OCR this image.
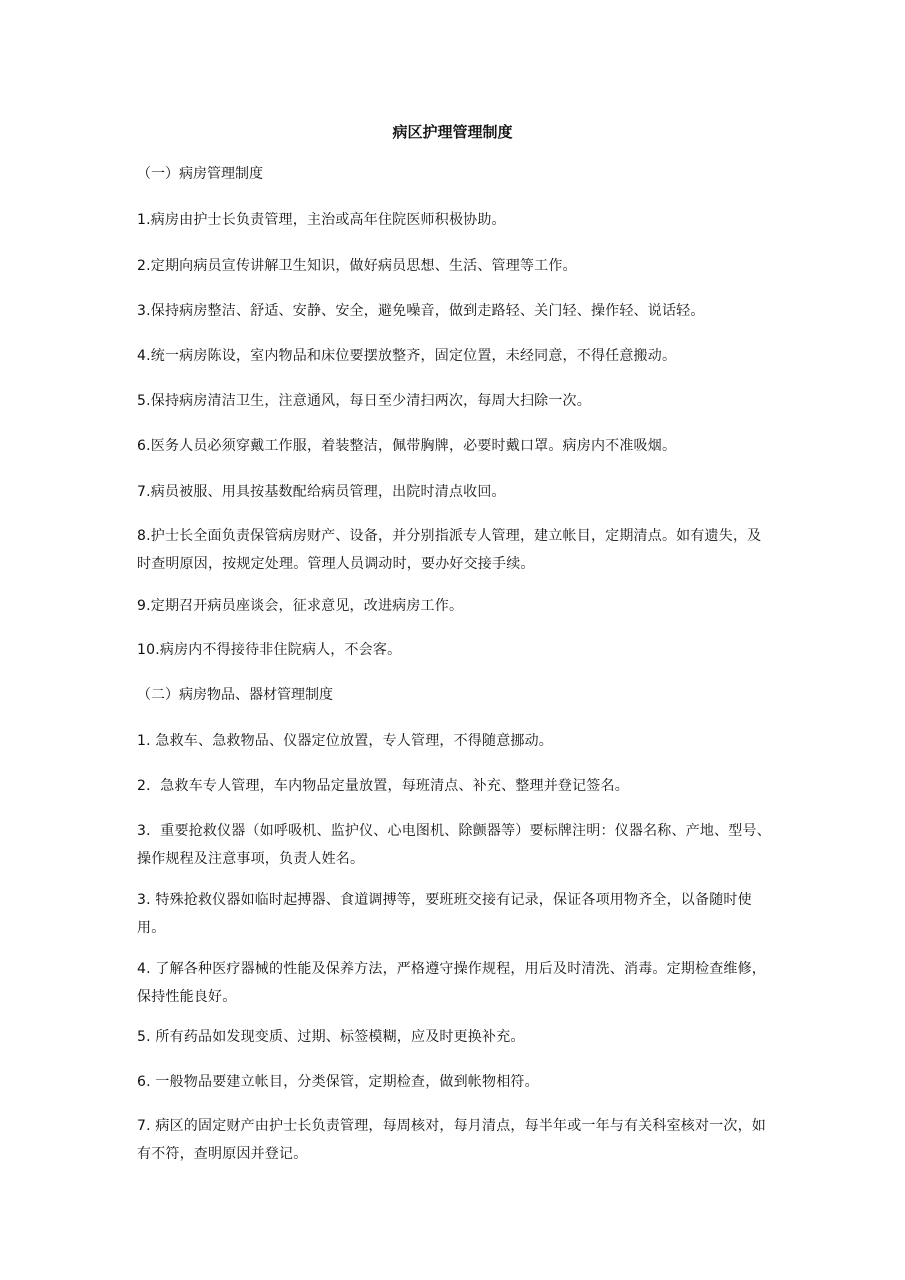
病区护理管理制度

（一）病房管理制度

1.病房由护士长负责管理，主治或高年住院医师积极协助。

2.定期向病员宣传讲解卫生知识，做好病员思想、生活、管理等工作。

3.保持病房整洁、舒适、安静、安全，避免噪音，做到走路轻、关门轻、操作轻、说话轻。

4.统一病房陈设，室内物品和床位要摆放整齐，固定位置，未经同意，不得任意搬动。

5.保持病房清洁卫生，注意通风，每日至少清扫两次，每周大扫除一次。

6.医务人员必须穿戴工作服，着装整洁，佩带胸牌，必要时戴口罩。病房内不准吸烟。

7.病员被服、用具按基数配给病员管理，出院时清点收回。

8.护士长全面负责保管病房财产、设备，并分别指派专人管理，建立帐目，定期清点。如有遗失，及时查明原因，按规定处理。管理人员调动时，要办好交接手续。

9.定期召开病员座谈会，征求意见，改进病房工作。

10.病房内不得接待非住院病人，不会客。

（二）病房物品、器材管理制度

1. 急救车、急救物品、仪器定位放置，专人管理，不得随意挪动。

2．急救车专人管理，车内物品定量放置，每班清点、补充、整理并登记签名。

3．重要抢救仪器（如呼吸机、监护仪、心电图机、除颤器等）要标牌注明：仪器名称、产地、型号、操作规程及注意事项，负责人姓名。

3. 特殊抢救仪器如临时起搏器、食道调搏等，要班班交接有记录，保证各项用物齐全，以备随时使用。

4. 了解各种医疗器械的性能及保养方法，严格遵守操作规程，用后及时清洗、消毒。定期检查维修，保持性能良好。

5. 所有药品如发现变质、过期、标签模糊，应及时更换补充。

6. 一般物品要建立帐目，分类保管，定期检查，做到帐物相符。

7. 病区的固定财产由护士长负责管理，每周核对，每月清点，每半年或一年与有关科室核对一次，如有不符，查明原因并登记。
